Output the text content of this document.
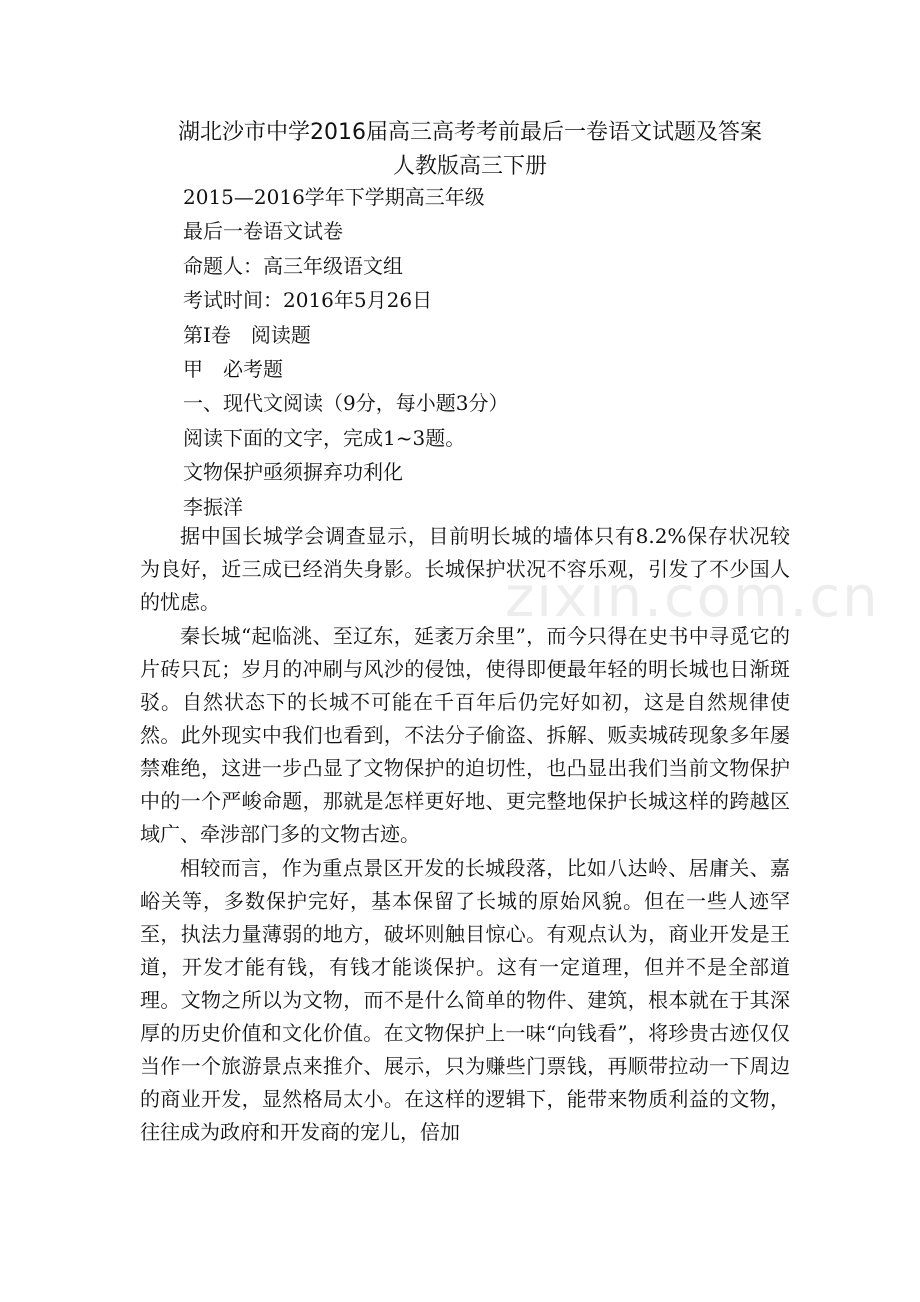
湖北沙市中学2016届高三高考考前最后一卷语文试题及答案
人教版高三下册
2015—2016学年下学期高三年级
最后一卷语文试卷
命题人：高三年级语文组
考试时间：2016年5月26日
第Ⅰ卷　阅读题
甲　必考题
一、现代文阅读（9分，每小题3分）
阅读下面的文字，完成1~3题。
文物保护亟须摒弃功利化
李振洋

据中国长城学会调查显示，目前明长城的墙体只有8.2%保存状况较为良好，近三成已经消失身影。长城保护状况不容乐观，引发了不少国人的忧虑。

秦长城“起临洮、至辽东，延袤万余里”，而今只得在史书中寻觅它的片砖只瓦；岁月的冲刷与风沙的侵蚀，使得即便最年轻的明长城也日渐斑驳。自然状态下的长城不可能在千百年后仍完好如初，这是自然规律使然。此外现实中我们也看到，不法分子偷盗、拆解、贩卖城砖现象多年屡禁难绝，这进一步凸显了文物保护的迫切性，也凸显出我们当前文物保护中的一个严峻命题，那就是怎样更好地、更完整地保护长城这样的跨越区域广、牵涉部门多的文物古迹。

相较而言，作为重点景区开发的长城段落，比如八达岭、居庸关、嘉峪关等，多数保护完好，基本保留了长城的原始风貌。但在一些人迹罕至，执法力量薄弱的地方，破坏则触目惊心。有观点认为，商业开发是王道，开发才能有钱，有钱才能谈保护。这有一定道理，但并不是全部道理。文物之所以为文物，而不是什么简单的物件、建筑，根本就在于其深厚的历史价值和文化价值。在文物保护上一味“向钱看”，将珍贵古迹仅仅当作一个旅游景点来推介、展示，只为赚些门票钱，再顺带拉动一下周边的商业开发，显然格局太小。在这样的逻辑下，能带来物质利益的文物，往往成为政府和开发商的宠儿，倍加

zixin.com.cn
